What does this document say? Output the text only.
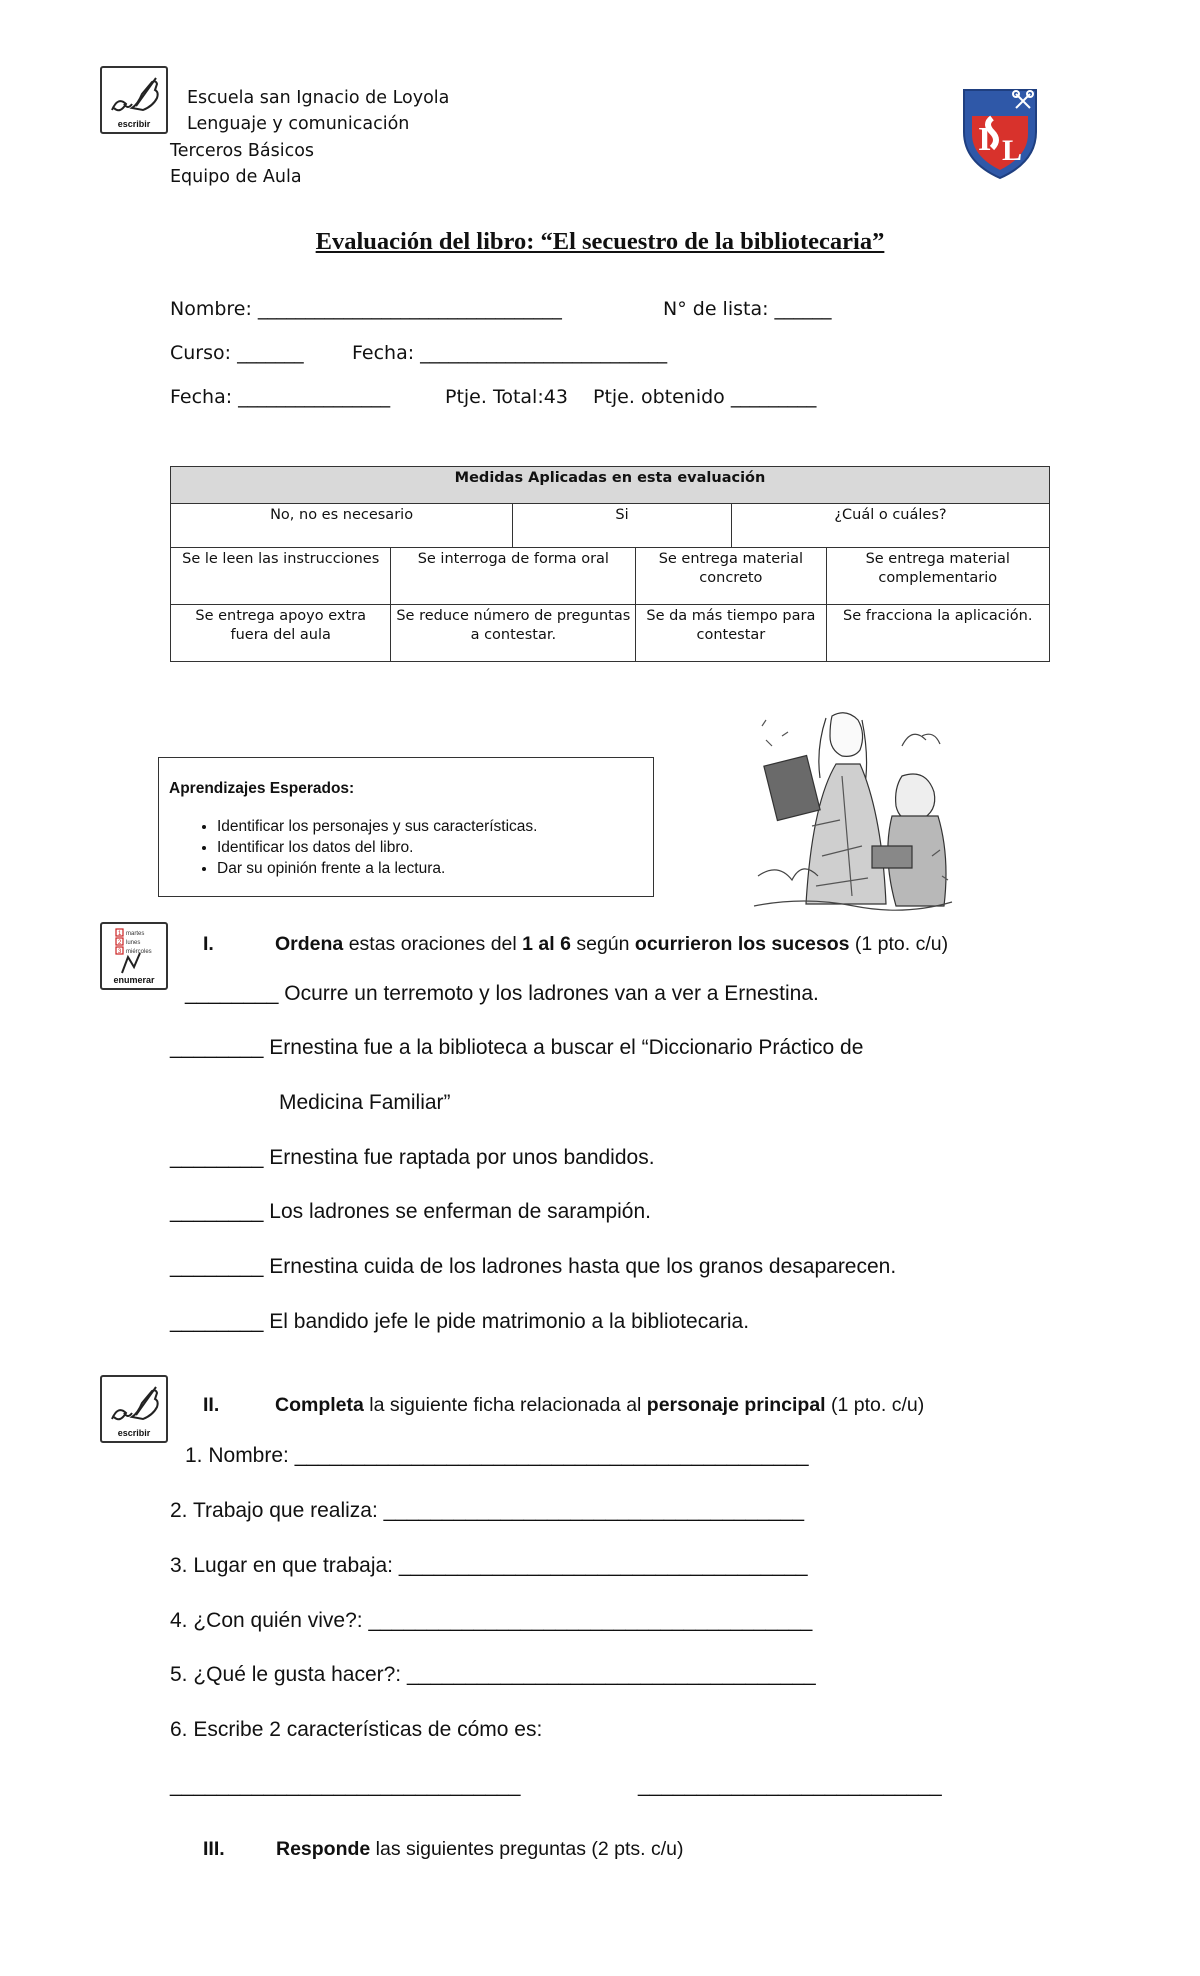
escribir
Escuela san Ignacio de Loyola
Lenguaje y comunicación
Terceros Básicos
Equipo de Aula
I L
Evaluación del libro: “El secuestro de la bibliotecaria”
Nombre: ________________________________	N° de lista: ______
Curso: _______	Fecha: __________________________
Fecha: ________________	Ptje. Total:43 Ptje. obtenido _________
Medidas Aplicadas en esta evaluación					
No, no es necesario		Si		¿Cuál o cuáles?	
Se le leen las instrucciones	Se interroga de forma oral		Se entrega material concreto		Se entrega material complementario
Se entrega apoyo extra fuera del aula	Se reduce número de preguntas a contestar.		Se da más tiempo para contestar		Se fracciona la aplicación.
Aprendizajes Esperados:
• Identificar los personajes y sus características.
• Identificar los datos del libro.
• Dar su opinión frente a la lectura.
1
2
3
martes
lunes
miércoles
enumerar
I.	Ordena estas oraciones del 1 al 6 según ocurrieron los sucesos (1 pto. c/u)
________ Ocurre un terremoto y los ladrones van a ver a Ernestina.
________ Ernestina fue a la biblioteca a buscar el “Diccionario Práctico de
Medicina Familiar”
________ Ernestina fue raptada por unos bandidos.
________ Los ladrones se enferman de sarampión.
________ Ernestina cuida de los ladrones hasta que los granos desaparecen.
________ El bandido jefe le pide matrimonio a la bibliotecaria.
escribir
II.	Completa la siguiente ficha relacionada al personaje principal (1 pto. c/u)
1. Nombre: ____________________________________________
2. Trabajo que realiza: ____________________________________
3. Lugar en que trabaja: ___________________________________
4. ¿Con quién vive?: ______________________________________
5. ¿Qué le gusta hacer?: ___________________________________
6. Escribe 2 características de cómo es:
______________________________	__________________________
III.	Responde las siguientes preguntas (2 pts. c/u)
